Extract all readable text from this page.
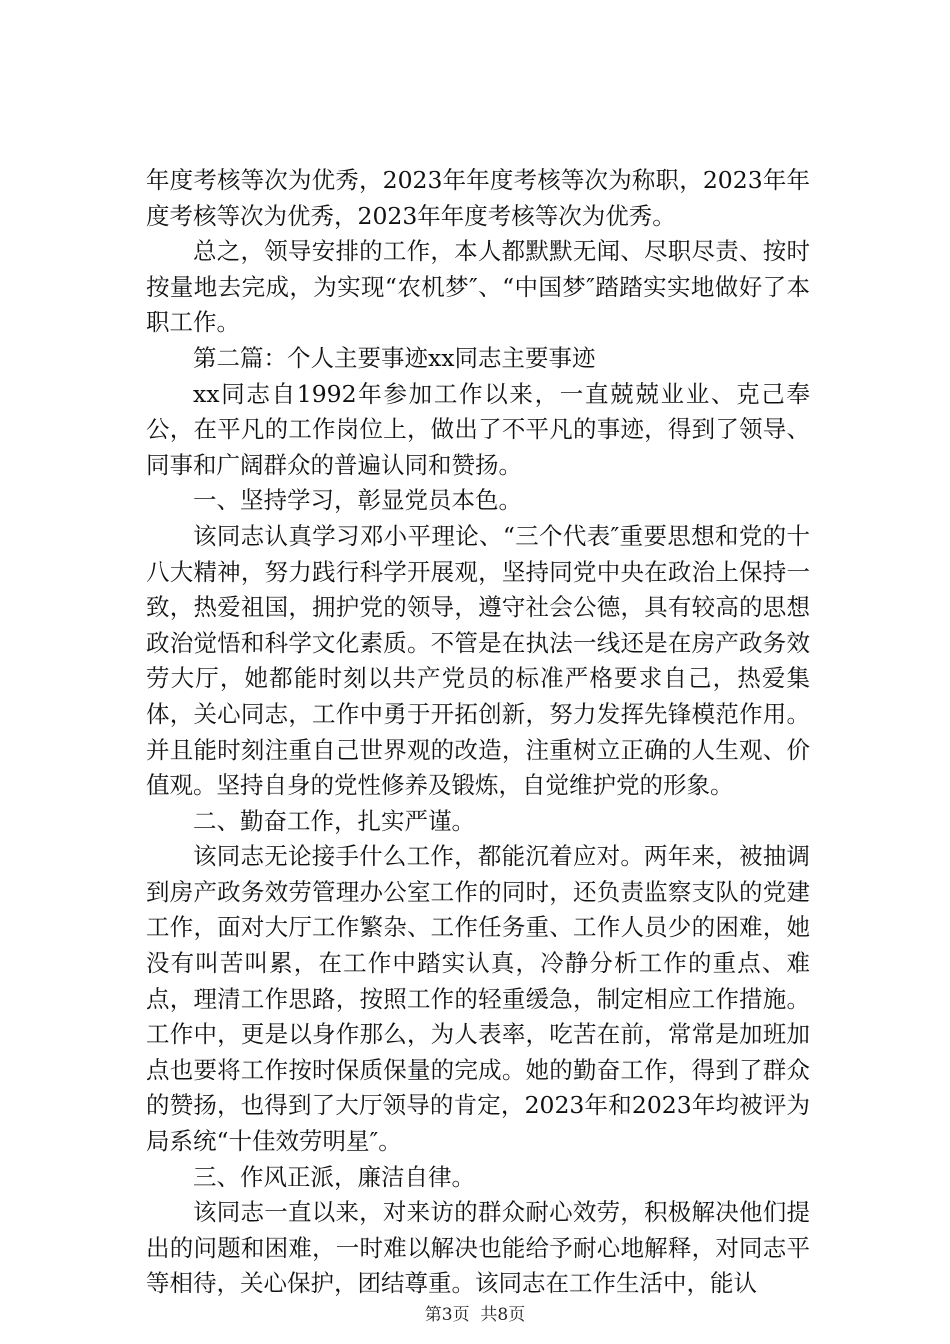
年度考核等次为优秀，2023年年度考核等次为称职，2023年年度考核等次为优秀，2023年年度考核等次为优秀。

总之，领导安排的工作，本人都默默无闻、尽职尽责、按时按量地去完成，为实现“农机梦″、“中国梦″踏踏实实地做好了本职工作。

第二篇：个人主要事迹xx同志主要事迹

xx同志自1992年参加工作以来，一直兢兢业业、克己奉公，在平凡的工作岗位上，做出了不平凡的事迹，得到了领导、同事和广阔群众的普遍认同和赞扬。

一、坚持学习，彰显党员本色。

该同志认真学习邓小平理论、“三个代表″重要思想和党的十八大精神，努力践行科学开展观，坚持同党中央在政治上保持一致，热爱祖国，拥护党的领导，遵守社会公德，具有较高的思想政治觉悟和科学文化素质。不管是在执法一线还是在房产政务效劳大厅，她都能时刻以共产党员的标准严格要求自己，热爱集体，关心同志，工作中勇于开拓创新，努力发挥先锋模范作用。并且能时刻注重自己世界观的改造，注重树立正确的人生观、价值观。坚持自身的党性修养及锻炼，自觉维护党的形象。

二、勤奋工作，扎实严谨。

该同志无论接手什么工作，都能沉着应对。两年来，被抽调到房产政务效劳管理办公室工作的同时，还负责监察支队的党建工作，面对大厅工作繁杂、工作任务重、工作人员少的困难，她没有叫苦叫累，在工作中踏实认真，冷静分析工作的重点、难点，理清工作思路，按照工作的轻重缓急，制定相应工作措施。工作中，更是以身作那么，为人表率，吃苦在前，常常是加班加点也要将工作按时保质保量的完成。她的勤奋工作，得到了群众的赞扬，也得到了大厅领导的肯定，2023年和2023年均被评为局系统“十佳效劳明星″。

三、作风正派，廉洁自律。

该同志一直以来，对来访的群众耐心效劳，积极解决他们提出的问题和困难，一时难以解决也能给予耐心地解释，对同志平等相待，关心保护，团结尊重。该同志在工作生活中，能认

第3页 共8页
